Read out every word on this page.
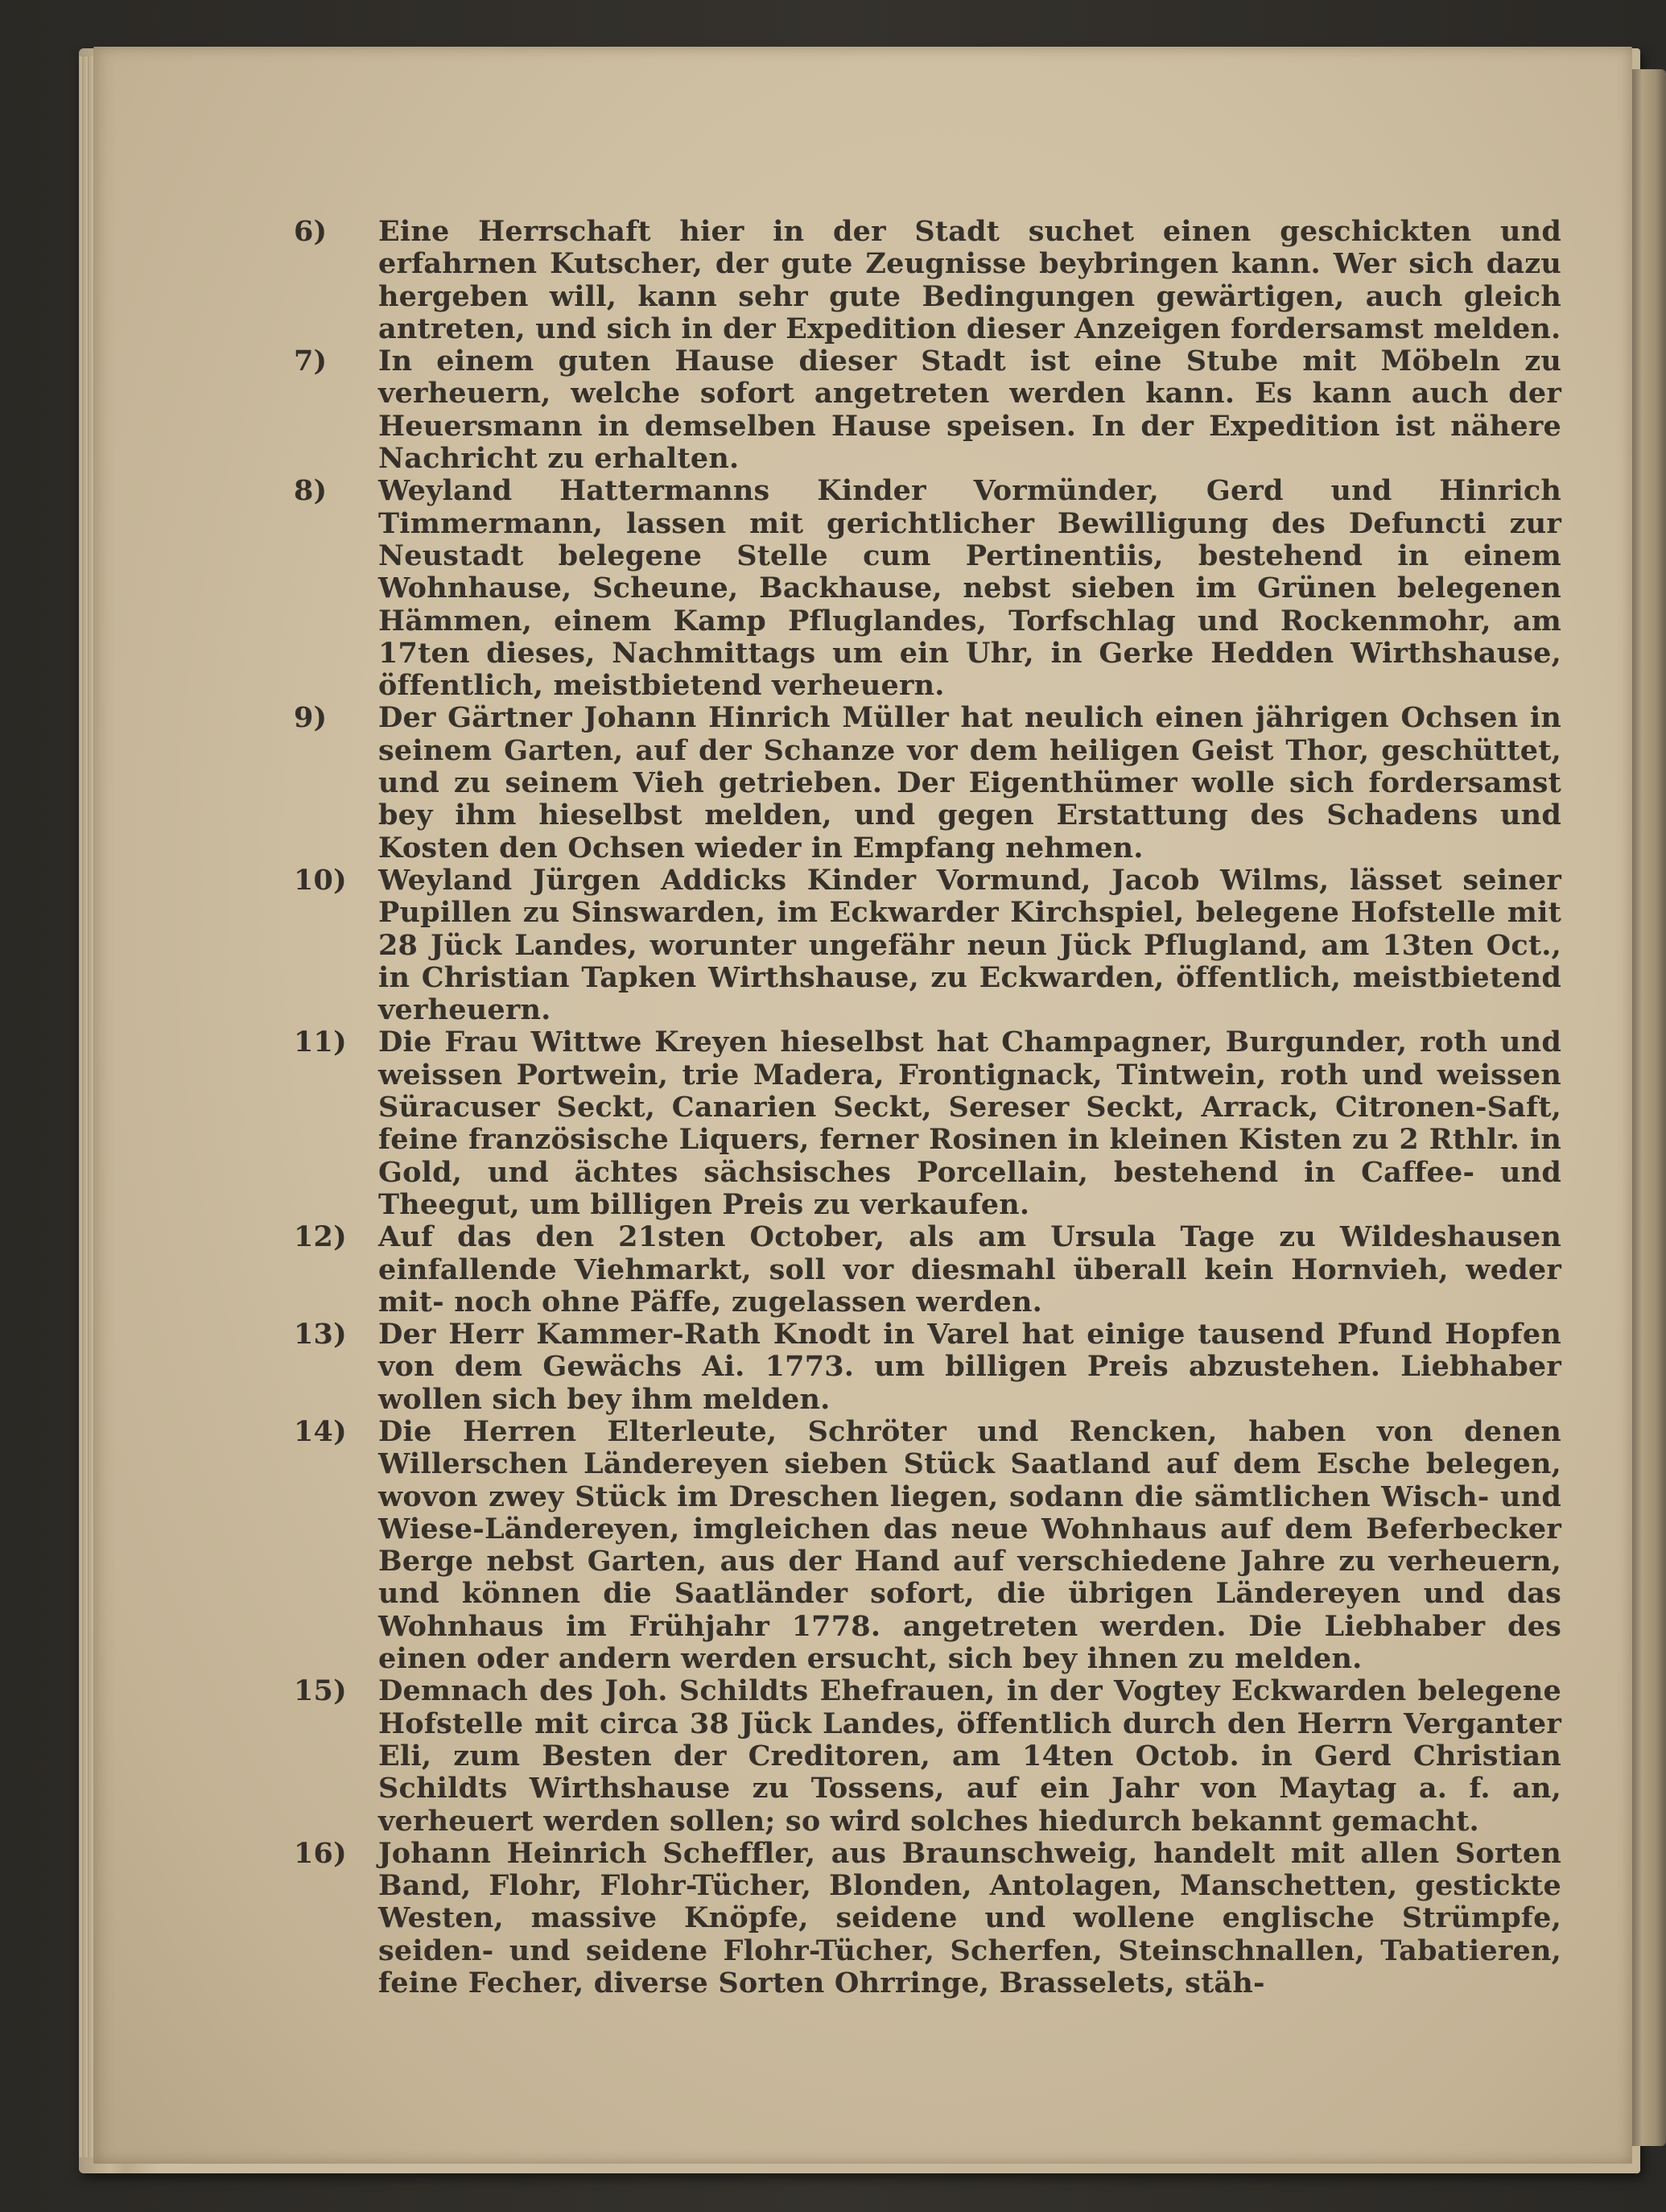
6)	Eine Herrschaft hier in der Stadt suchet einen geschickten und erfahrnen Kutscher, der gute Zeugnisse beybringen kann. Wer sich dazu hergeben will, kann sehr gute Bedingungen gewärtigen, auch gleich antreten, und sich in der Expedition dieser Anzeigen fordersamst melden.

7)	In einem guten Hause dieser Stadt ist eine Stube mit Möbeln zu verheuern, welche sofort angetreten werden kann. Es kann auch der Heuersmann in demselben Hause speisen. In der Expedition ist nähere Nachricht zu erhalten.

8)	Weyland Hattermanns Kinder Vormünder, Gerd und Hinrich Timmermann, lassen mit gerichtlicher Bewilligung des Defuncti zur Neustadt belegene Stelle cum Pertinentiis, bestehend in einem Wohnhause, Scheune, Backhause, nebst sieben im Grünen belegenen Hämmen, einem Kamp Pfluglandes, Torfschlag und Rockenmohr, am 17ten dieses, Nachmittags um ein Uhr, in Gerke Hedden Wirthshause, öffentlich, meistbietend verheuern.

9)	Der Gärtner Johann Hinrich Müller hat neulich einen jährigen Ochsen in seinem Garten, auf der Schanze vor dem heiligen Geist Thor, geschüttet, und zu seinem Vieh getrieben. Der Eigenthümer wolle sich fordersamst bey ihm hieselbst melden, und gegen Erstattung des Schadens und Kosten den Ochsen wieder in Empfang nehmen.

10)	Weyland Jürgen Addicks Kinder Vormund, Jacob Wilms, lässet seiner Pupillen zu Sinswarden, im Eckwarder Kirchspiel, belegene Hofstelle mit 28 Jück Landes, worunter ungefähr neun Jück Pflugland, am 13ten Oct., in Christian Tapken Wirthshause, zu Eckwarden, öffentlich, meistbietend verheuern.

11)	Die Frau Wittwe Kreyen hieselbst hat Champagner, Burgunder, roth und weissen Portwein, trie Madera, Frontignack, Tintwein, roth und weissen Süracuser Seckt, Canarien Seckt, Sereser Seckt, Arrack, Citronen-Saft, feine französische Liquers, ferner Rosinen in kleinen Kisten zu 2 Rthlr. in Gold, und ächtes sächsisches Porcellain, bestehend in Caffee- und Theegut, um billigen Preis zu verkaufen.

12)	Auf das den 21sten October, als am Ursula Tage zu Wildeshausen einfallende Viehmarkt, soll vor diesmahl überall kein Hornvieh, weder mit- noch ohne Päffe, zugelassen werden.

13)	Der Herr Kammer-Rath Knodt in Varel hat einige tausend Pfund Hopfen von dem Gewächs Ai. 1773. um billigen Preis abzustehen. Liebhaber wollen sich bey ihm melden.

14)	Die Herren Elterleute, Schröter und Rencken, haben von denen Willerschen Ländereyen sieben Stück Saatland auf dem Esche belegen, wovon zwey Stück im Dreschen liegen, sodann die sämtlichen Wisch- und Wiese-Ländereyen, imgleichen das neue Wohnhaus auf dem Beferbecker Berge nebst Garten, aus der Hand auf verschiedene Jahre zu verheuern, und können die Saatländer sofort, die übrigen Ländereyen und das Wohnhaus im Frühjahr 1778. angetreten werden. Die Liebhaber des einen oder andern werden ersucht, sich bey ihnen zu melden.

15)	Demnach des Joh. Schildts Ehefrauen, in der Vogtey Eckwarden belegene Hofstelle mit circa 38 Jück Landes, öffentlich durch den Herrn Verganter Eli, zum Besten der Creditoren, am 14ten Octob. in Gerd Christian Schildts Wirthshause zu Tossens, auf ein Jahr von Maytag a. f. an, verheuert werden sollen; so wird solches hiedurch bekannt gemacht.

16)	Johann Heinrich Scheffler, aus Braunschweig, handelt mit allen Sorten Band, Flohr, Flohr-Tücher, Blonden, Antolagen, Manschetten, gestickte Westen, massive Knöpfe, seidene und wollene englische Strümpfe, seiden- und seidene Flohr-Tücher, Scherfen, Steinschnallen, Tabatieren, feine Fecher, diverse Sorten Ohrringe, Brasselets, stäh-
